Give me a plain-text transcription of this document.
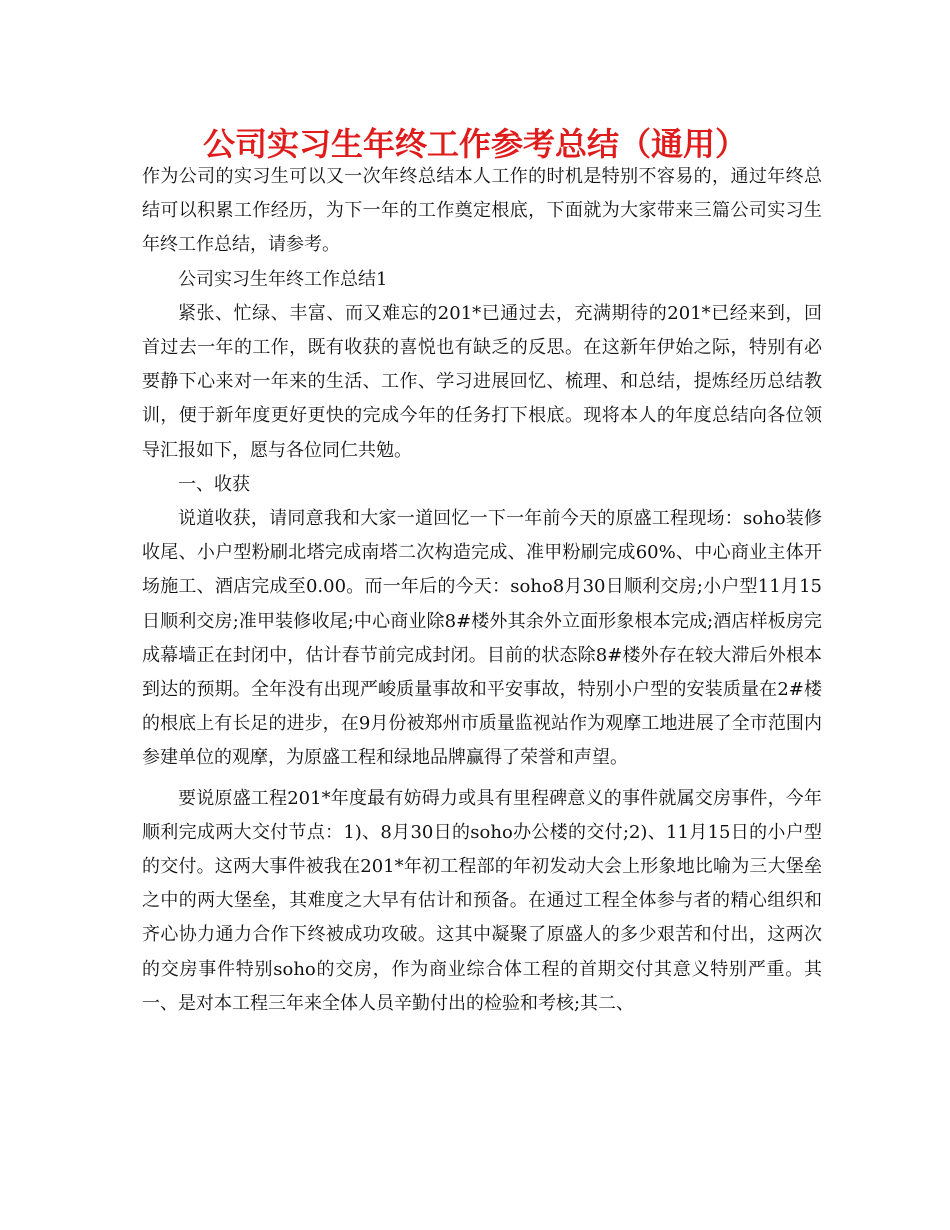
公司实习生年终工作参考总结（通用）

作为公司的实习生可以又一次年终总结本人工作的时机是特别不容易的，通过年终总结可以积累工作经历，为下一年的工作奠定根底，下面就为大家带来三篇公司实习生年终工作总结，请参考。

公司实习生年终工作总结1

紧张、忙绿、丰富、而又难忘的201*已通过去，充满期待的201*已经来到，回首过去一年的工作，既有收获的喜悦也有缺乏的反思。在这新年伊始之际，特别有必要静下心来对一年来的生活、工作、学习进展回忆、梳理、和总结，提炼经历总结教训，便于新年度更好更快的完成今年的任务打下根底。现将本人的年度总结向各位领导汇报如下，愿与各位同仁共勉。

一、收获

说道收获，请同意我和大家一道回忆一下一年前今天的原盛工程现场：soho装修收尾、小户型粉刷北塔完成南塔二次构造完成、准甲粉刷完成60%、中心商业主体开场施工、酒店完成至0.00。而一年后的今天：soho8月30日顺利交房;小户型11月15日顺利交房;准甲装修收尾;中心商业除8#楼外其余外立面形象根本完成;酒店样板房完成幕墙正在封闭中，估计春节前完成封闭。目前的状态除8#楼外存在较大滞后外根本到达的预期。全年没有出现严峻质量事故和平安事故，特别小户型的安装质量在2#楼的根底上有长足的进步，在9月份被郑州市质量监视站作为观摩工地进展了全市范围内参建单位的观摩，为原盛工程和绿地品牌赢得了荣誉和声望。

要说原盛工程201*年度最有妨碍力或具有里程碑意义的事件就属交房事件，今年顺利完成两大交付节点：1)、8月30日的soho办公楼的交付;2)、11月15日的小户型的交付。这两大事件被我在201*年初工程部的年初发动大会上形象地比喻为三大堡垒之中的两大堡垒，其难度之大早有估计和预备。在通过工程全体参与者的精心组织和齐心协力通力合作下终被成功攻破。这其中凝聚了原盛人的多少艰苦和付出，这两次的交房事件特别soho的交房，作为商业综合体工程的首期交付其意义特别严重。其一、是对本工程三年来全体人员辛勤付出的检验和考核;其二、
